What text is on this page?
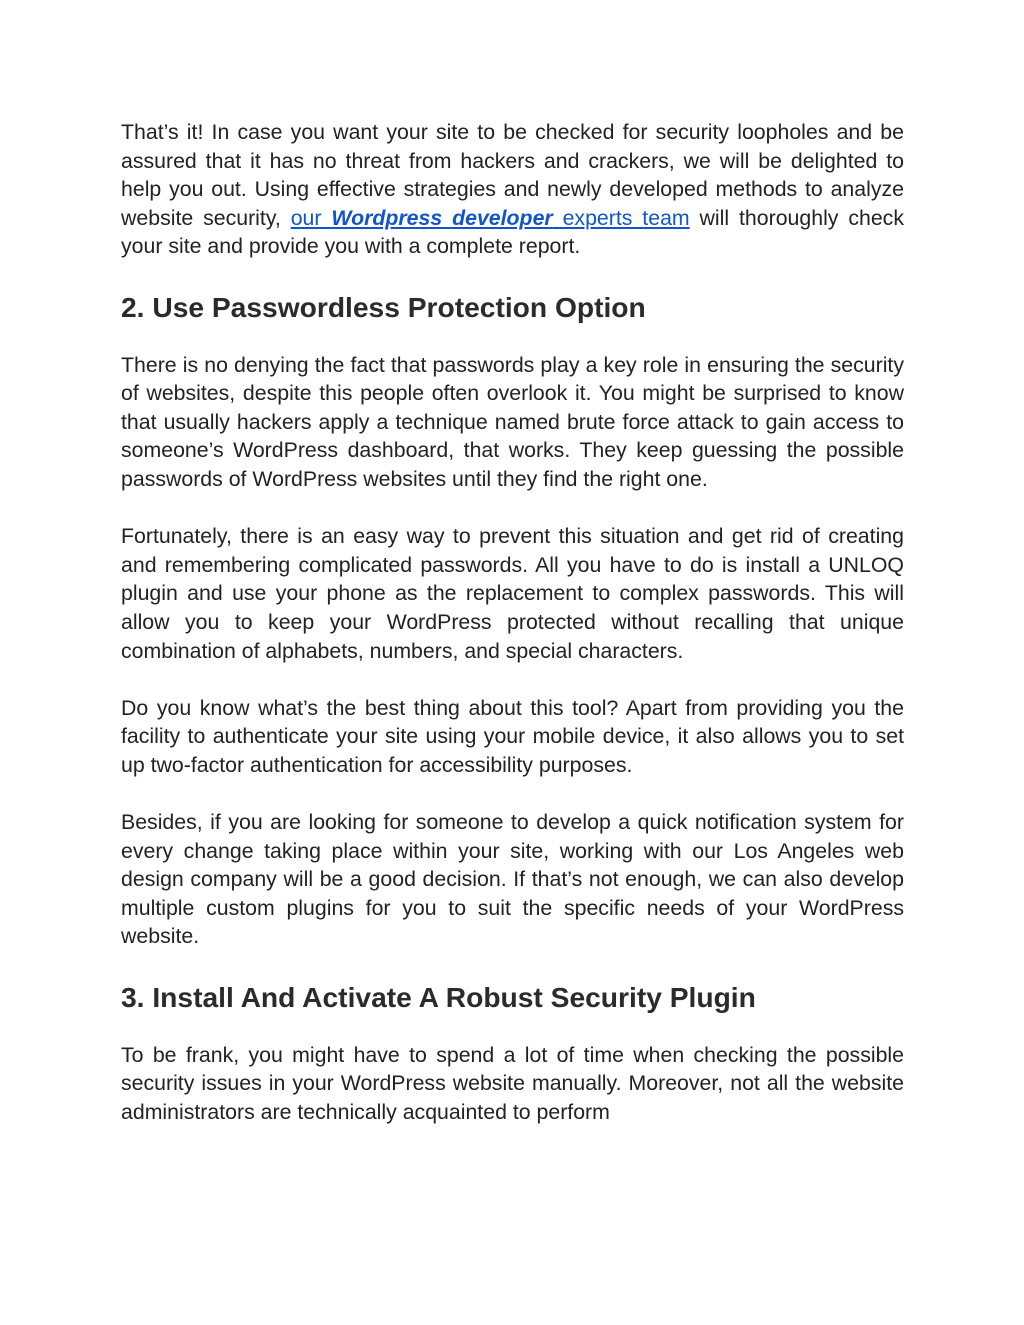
That’s it! In case you want your site to be checked for security loopholes and be assured that it has no threat from hackers and crackers, we will be delighted to help you out. Using effective strategies and newly developed methods to analyze website security, our Wordpress developer experts team will thoroughly check your site and provide you with a complete report.

2. Use Passwordless Protection Option

There is no denying the fact that passwords play a key role in ensuring the security of websites, despite this people often overlook it. You might be surprised to know that usually hackers apply a technique named brute force attack to gain access to someone’s WordPress dashboard, that works. They keep guessing the possible passwords of WordPress websites until they find the right one.

Fortunately, there is an easy way to prevent this situation and get rid of creating and remembering complicated passwords. All you have to do is install a UNLOQ plugin and use your phone as the replacement to complex passwords. This will allow you to keep your WordPress protected without recalling that unique combination of alphabets, numbers, and special characters.

Do you know what’s the best thing about this tool? Apart from providing you the facility to authenticate your site using your mobile device, it also allows you to set up two-factor authentication for accessibility purposes.

Besides, if you are looking for someone to develop a quick notification system for every change taking place within your site, working with our Los Angeles web design company will be a good decision. If that’s not enough, we can also develop multiple custom plugins for you to suit the specific needs of your WordPress website.

3. Install And Activate A Robust Security Plugin

To be frank, you might have to spend a lot of time when checking the possible security issues in your WordPress website manually. Moreover, not all the website administrators are technically acquainted to perform
